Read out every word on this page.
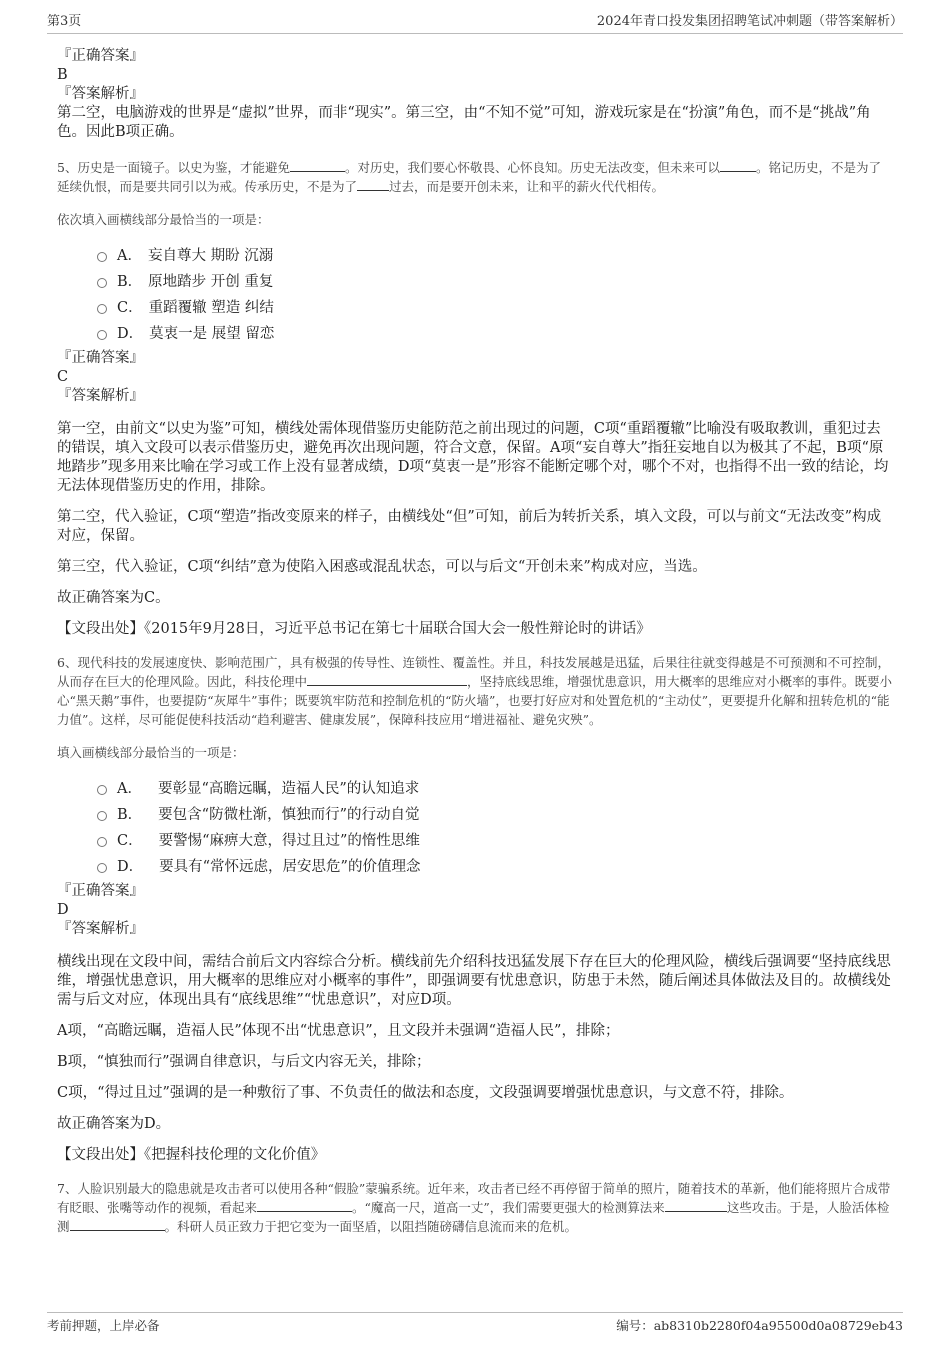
第3页	2024年青口投发集团招聘笔试冲刺题（带答案解析）
『正确答案』
B
『答案解析』
第二空，电脑游戏的世界是“虚拟”世界，而非“现实”。第三空，由“不知不觉”可知，游戏玩家是在“扮演”角色，而不是“挑战”角色。因此B项正确。
5、历史是一面镜子。以史为鉴，才能避免	。对历史，我们要心怀敬畏、心怀良知。历史无法改变，但未来可以	。铭记历史，不是为了延续仇恨，而是要共同引以为戒。传承历史，不是为了	过去，而是要开创未来，让和平的薪火代代相传。
依次填入画横线部分最恰当的一项是：
A． 妄自尊大 期盼 沉溺
B． 原地踏步 开创 重复
C． 重蹈覆辙 塑造 纠结
D． 莫衷一是 展望 留恋
『正确答案』
C
『答案解析』
第一空，由前文“以史为鉴”可知，横线处需体现借鉴历史能防范之前出现过的问题，C项“重蹈覆辙”比喻没有吸取教训，重犯过去的错误，填入文段可以表示借鉴历史，避免再次出现问题，符合文意，保留。A项“妄自尊大”指狂妄地自以为极其了不起，B项“原地踏步”现多用来比喻在学习或工作上没有显著成绩，D项“莫衷一是”形容不能断定哪个对，哪个不对，也指得不出一致的结论，均无法体现借鉴历史的作用，排除。
第二空，代入验证，C项“塑造”指改变原来的样子，由横线处“但”可知，前后为转折关系，填入文段，可以与前文“无法改变”构成对应，保留。
第三空，代入验证，C项“纠结”意为使陷入困惑或混乱状态，可以与后文“开创未来”构成对应，当选。
故正确答案为C。
【文段出处】《2015年9月28日，习近平总书记在第七十届联合国大会一般性辩论时的讲话》
6、现代科技的发展速度快、影响范围广，具有极强的传导性、连锁性、覆盖性。并且，科技发展越是迅猛，后果往往就变得越是不可预测和不可控制，从而存在巨大的伦理风险。因此，科技伦理中	，坚持底线思维，增强忧患意识，用大概率的思维应对小概率的事件。既要小心“黑天鹅”事件，也要提防“灰犀牛”事件；既要筑牢防范和控制危机的“防火墙”，也要打好应对和处置危机的“主动仗”，更要提升化解和扭转危机的“能力值”。这样，尽可能促使科技活动“趋利避害、健康发展”，保障科技应用“增进福祉、避免灾殃”。
填入画横线部分最恰当的一项是：
A． 要彰显“高瞻远瞩，造福人民”的认知追求
B． 要包含“防微杜渐，慎独而行”的行动自觉
C． 要警惕“麻痹大意，得过且过”的惰性思维
D． 要具有“常怀远虑，居安思危”的价值理念
『正确答案』
D
『答案解析』
横线出现在文段中间，需结合前后文内容综合分析。横线前先介绍科技迅猛发展下存在巨大的伦理风险，横线后强调要“坚持底线思维，增强忧患意识，用大概率的思维应对小概率的事件”，即强调要有忧患意识，防患于未然，随后阐述具体做法及目的。故横线处需与后文对应，体现出具有“底线思维”“忧患意识”，对应D项。
A项，“高瞻远瞩，造福人民”体现不出“忧患意识”，且文段并未强调“造福人民”，排除；
B项，“慎独而行”强调自律意识，与后文内容无关，排除；
C项，“得过且过”强调的是一种敷衍了事、不负责任的做法和态度，文段强调要增强忧患意识，与文意不符，排除。
故正确答案为D。
【文段出处】《把握科技伦理的文化价值》
7、人脸识别最大的隐患就是攻击者可以使用各种“假脸”蒙骗系统。近年来，攻击者已经不再停留于简单的照片，随着技术的革新，他们能将照片合成带有眨眼、张嘴等动作的视频，看起来	。“魔高一尺，道高一丈”，我们需要更强大的检测算法来	这些攻击。于是，人脸活体检测	。科研人员正致力于把它变为一面坚盾，以阻挡随磅礴信息流而来的危机。
考前押题，上岸必备	编号：ab8310b2280f04a95500d0a08729eb43
